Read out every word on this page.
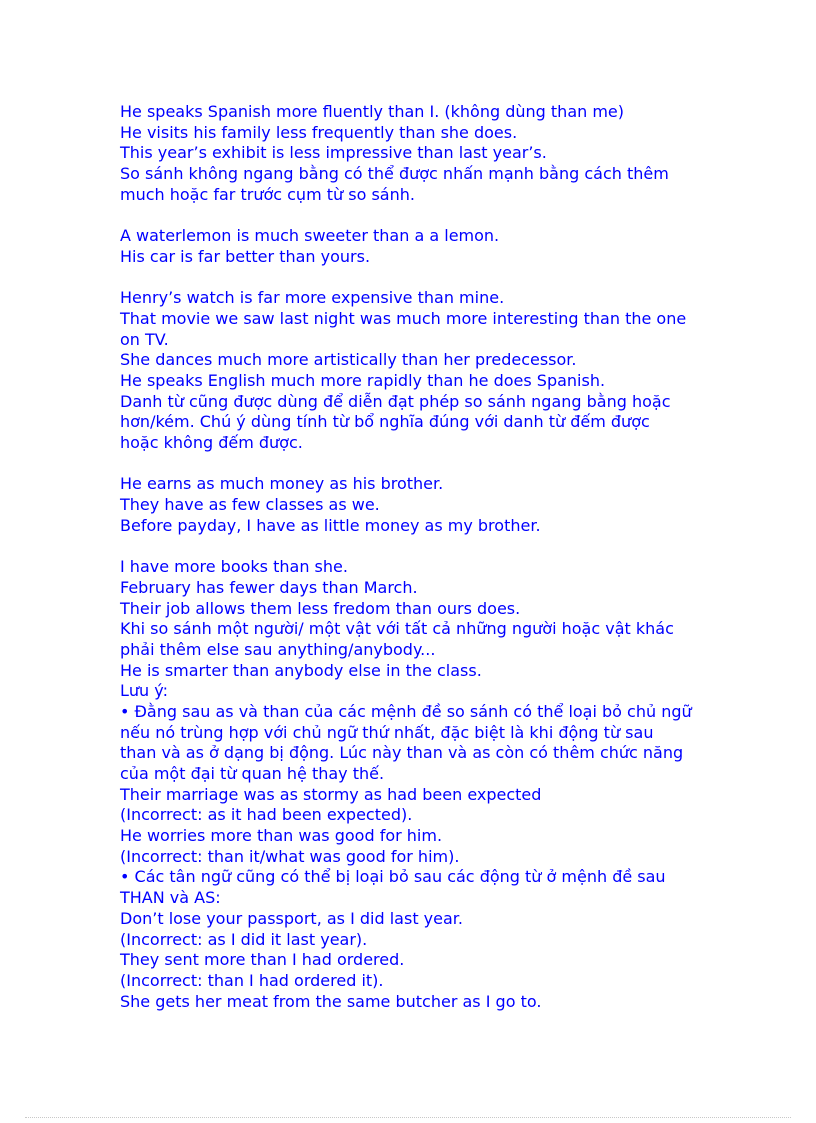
He speaks Spanish more fluently than I. (không dùng than me)
He visits his family less frequently than she does.
This year’s exhibit is less impressive than last year’s.
So sánh không ngang bằng có thể được nhấn mạnh bằng cách thêm
much hoặc far trước cụm từ so sánh.
A waterlemon is much sweeter than a a lemon.
His car is far better than yours.
Henry’s watch is far more expensive than mine.
That movie we saw last night was much more interesting than the one
on TV.
She dances much more artistically than her predecessor.
He speaks English much more rapidly than he does Spanish.
Danh từ cũng được dùng để diễn đạt phép so sánh ngang bằng hoặc
hơn/kém. Chú ý dùng tính từ bổ nghĩa đúng với danh từ đếm được
hoặc không đếm được.
He earns as much money as his brother.
They have as few classes as we.
Before payday, I have as little money as my brother.
I have more books than she.
February has fewer days than March.
Their job allows them less fredom than ours does.
Khi so sánh một người/ một vật với tất cả những người hoặc vật khác
phải thêm else sau anything/anybody...
He is smarter than anybody else in the class.
Lưu ý:
• Đằng sau as và than của các mệnh đề so sánh có thể loại bỏ chủ ngữ
nếu nó trùng hợp với chủ ngữ thứ nhất, đặc biệt là khi động từ sau
than và as ở dạng bị động. Lúc này than và as còn có thêm chức năng
của một đại từ quan hệ thay thế.
Their marriage was as stormy as had been expected
(Incorrect: as it had been expected).
He worries more than was good for him.
(Incorrect: than it/what was good for him).
• Các tân ngữ cũng có thể bị loại bỏ sau các động từ ở mệnh đề sau
THAN và AS:
Don’t lose your passport, as I did last year.
(Incorrect: as I did it last year).
They sent more than I had ordered.
(Incorrect: than I had ordered it).
She gets her meat from the same butcher as I go to.
